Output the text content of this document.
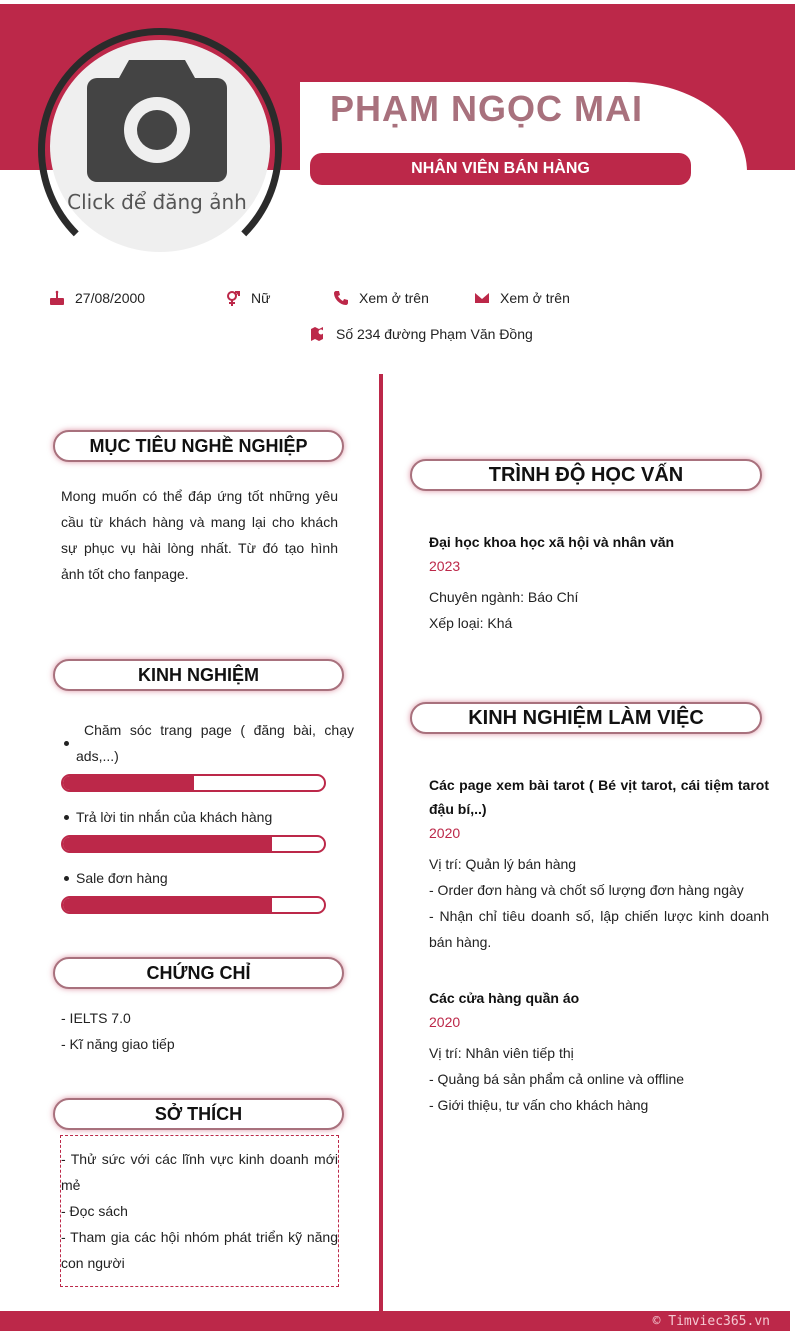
Click để đăng ảnh
PHẠM NGỌC MAI
NHÂN VIÊN BÁN HÀNG
27/08/2000	Nữ	Xem ở trên	Xem ở trên
Số 234 đường Phạm Văn Đồng
MỤC TIÊU NGHỀ NGHIỆP
Mong muốn có thể đáp ứng tốt những yêu cầu từ khách hàng và mang lại cho khách sự phục vụ hài lòng nhất. Từ đó tạo hình ảnh tốt cho fanpage.
KINH NGHIỆM
Chăm sóc trang page ( đăng bài, chạy ads,...)
Trả lời tin nhắn của khách hàng
Sale đơn hàng
CHỨNG CHỈ
- IELTS 7.0
- Kĩ năng giao tiếp
SỞ THÍCH
- Thử sức với các lĩnh vực kinh doanh mới mẻ
- Đọc sách
- Tham gia các hội nhóm phát triển kỹ năng con người
TRÌNH ĐỘ HỌC VẤN
Đại học khoa học xã hội và nhân văn
2023
Chuyên ngành: Báo Chí
Xếp loại: Khá
KINH NGHIỆM LÀM VIỆC
Các page xem bài tarot ( Bé vịt tarot, cái tiệm tarot đậu bí,..)
2020
Vị trí: Quản lý bán hàng
- Order đơn hàng và chốt số lượng đơn hàng ngày
- Nhận chỉ tiêu doanh số, lập chiến lược kinh doanh bán hàng.
Các cửa hàng quần áo
2020
Vị trí: Nhân viên tiếp thị
- Quảng bá sản phẩm cả online và offline
- Giới thiệu, tư vấn cho khách hàng
© Timviec365.vn
